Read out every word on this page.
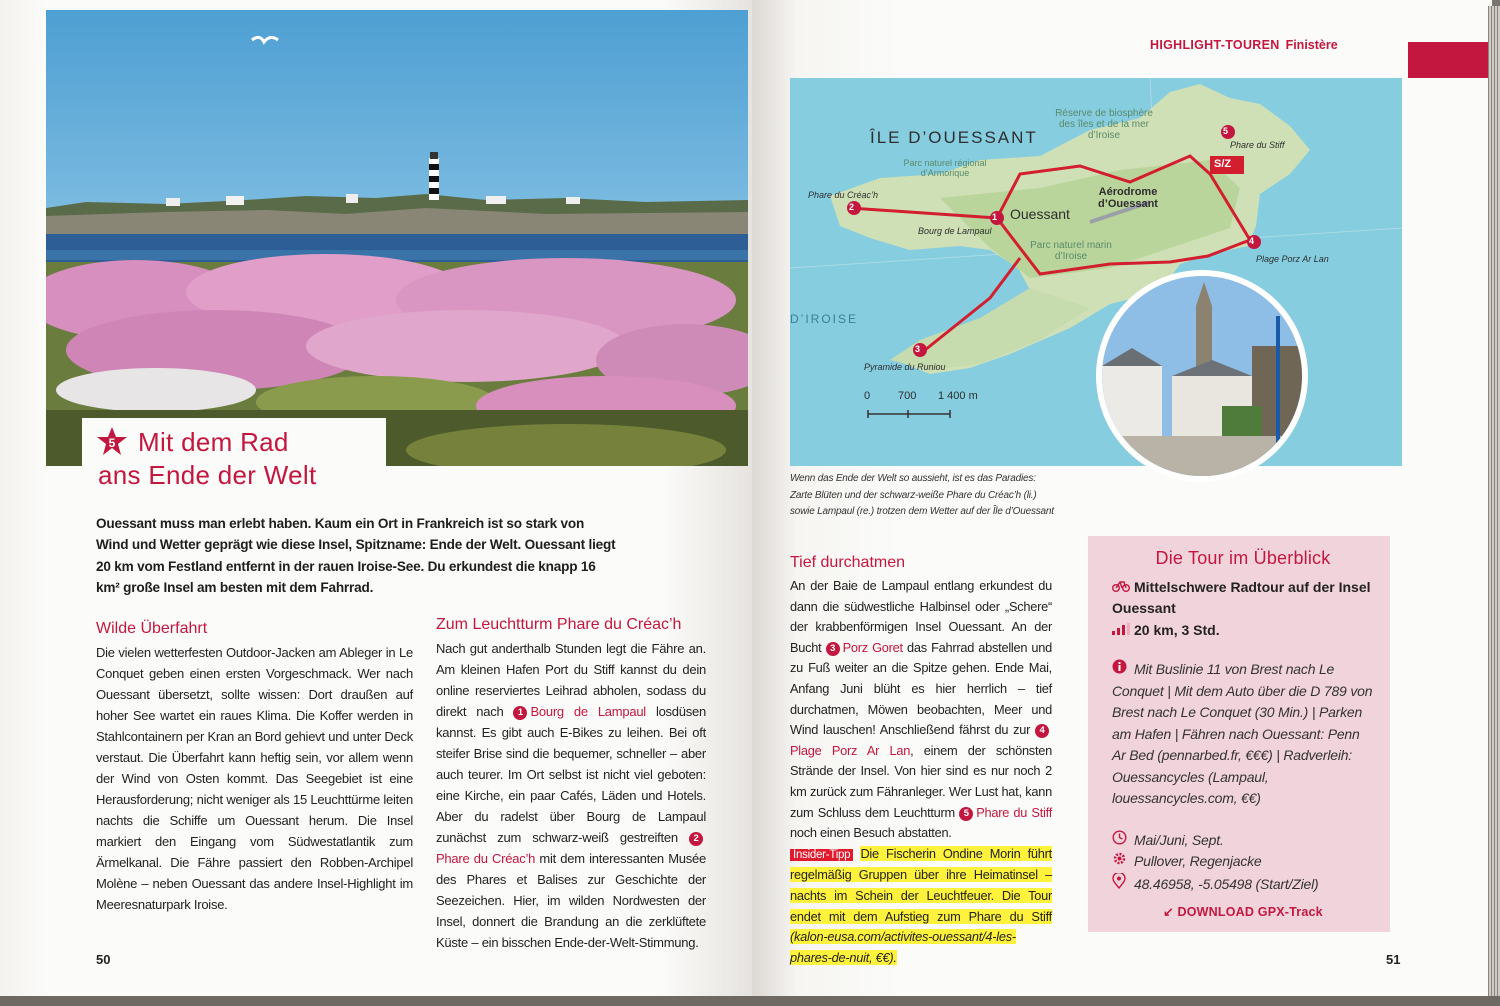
5 Mit dem Rad
ans Ende der Welt

Ouessant muss man erlebt haben. Kaum ein Ort in Frankreich ist so stark von Wind und Wetter geprägt wie diese Insel, Spitzname: Ende der Welt. Ouessant liegt 20 km vom Festland entfernt in der rauen Iroise-See. Du erkundest die knapp 16 km² große Insel am besten mit dem Fahrrad.

Wilde Überfahrt

Die vielen wetterfesten Outdoor-Jacken am Ableger in Le Conquet geben einen ersten Vorgeschmack. Wer nach Ouessant übersetzt, sollte wissen: Dort draußen auf hoher See wartet ein raues Klima. Die Koffer werden in Stahlcontainern per Kran an Bord gehievt und unter Deck verstaut. Die Überfahrt kann heftig sein, vor allem wenn der Wind von Osten kommt. Das Seegebiet ist eine Herausforderung; nicht weniger als 15 Leuchttürme leiten nachts die Schiffe um Ouessant herum. Die Insel markiert den Eingang vom Südwestatlantik zum Ärmelkanal. Die Fähre passiert den Robben-Archipel Molène – neben Ouessant das andere Insel-Highlight im Meeresnaturpark Iroise.

Zum Leuchtturm Phare du Créac’h

Nach gut anderthalb Stunden legt die Fähre an. Am kleinen Hafen Port du Stiff kannst du dein online reserviertes Leihrad abholen, sodass du direkt nach 1 Bourg de Lampaul losdüsen kannst. Es gibt auch E-Bikes zu leihen. Bei oft steifer Brise sind die bequemer, schneller – aber auch teurer. Im Ort selbst ist nicht viel geboten: eine Kirche, ein paar Cafés, Läden und Hotels. Aber du radelst über Bourg de Lampaul zunächst zum schwarz-weiß gestreiften 2Phare du Créac’h mit dem interessanten Musée des Phares et Balises zur Geschichte der Seezeichen. Hier, im wilden Nordwesten der Insel, donnert die Brandung an die zerklüftete Küste – ein bisschen Ende-der-Welt-Stimmung.

50
HIGHLIGHT-TOUREN Finistère
ÎLE D’OUESSANT
Réserve de biosphère des îles et de la mer d’Iroise
Parc naturel régional d’Armorique
Parc naturel marin d’Iroise
Aérodrome d’Ouessant
Ouessant
Bourg de Lampaul
D’IROISE
1
2
3
4
5
Phare du Créac’h
Phare du Stiff
Plage Porz Ar Lan
Pyramide du Runiou
S/Z
0	700 1 400 m

Wenn das Ende der Welt so aussieht, ist es das Paradies: Zarte Blüten und der schwarz-weiße Phare du Créac’h (li.) sowie Lampaul (re.) trotzen dem Wetter auf der Île d’Ouessant

Tief durchatmen

An der Baie de Lampaul entlang erkundest du dann die südwestliche Halbinsel oder „Schere“ der krabbenförmigen Insel Ouessant. An der Bucht 3 Porz Goret das Fahrrad abstellen und zu Fuß weiter an die Spitze gehen. Ende Mai, Anfang Juni blüht es hier herrlich – tief durchatmen, Möwen beobachten, Meer und Wind lauschen! Anschließend fährst du zur 4Plage Porz Ar Lan, einem der schönsten Strände der Insel. Von hier sind es nur noch 2 km zurück zum Fähranleger. Wer Lust hat, kann zum Schluss dem Leuchtturm 5 Phare du Stiff noch einen Besuch abstatten.

Insider-Tipp Die Fischerin Ondine Morin führt regelmäßig Gruppen über ihre Heimatinsel – nachts im Schein der Leuchtfeuer. Die Tour endet mit dem Aufstieg zum Phare du Stiff (kalon-eusa.com/activites-ouessant/4-les-phares-de-nuit, €€).

Die Tour im Überblick
Mittelschwere Radtour auf der Insel Ouessant
20 km, 3 Std.
Mit Buslinie 11 von Brest nach Le Conquet | Mit dem Auto über die D 789 von Brest nach Le Conquet (30 Min.) | Parken am Hafen | Fähren nach Ouessant: Penn Ar Bed (pennarbed.fr, €€€) | Radverleih: Ouessancycles (Lampaul, louessancycles.com, €€)
Mai/Juni, Sept.
Pullover, Regenjacke
48.46958, -5.05498 (Start/Ziel)
↙ DOWNLOAD GPX-Track
51
